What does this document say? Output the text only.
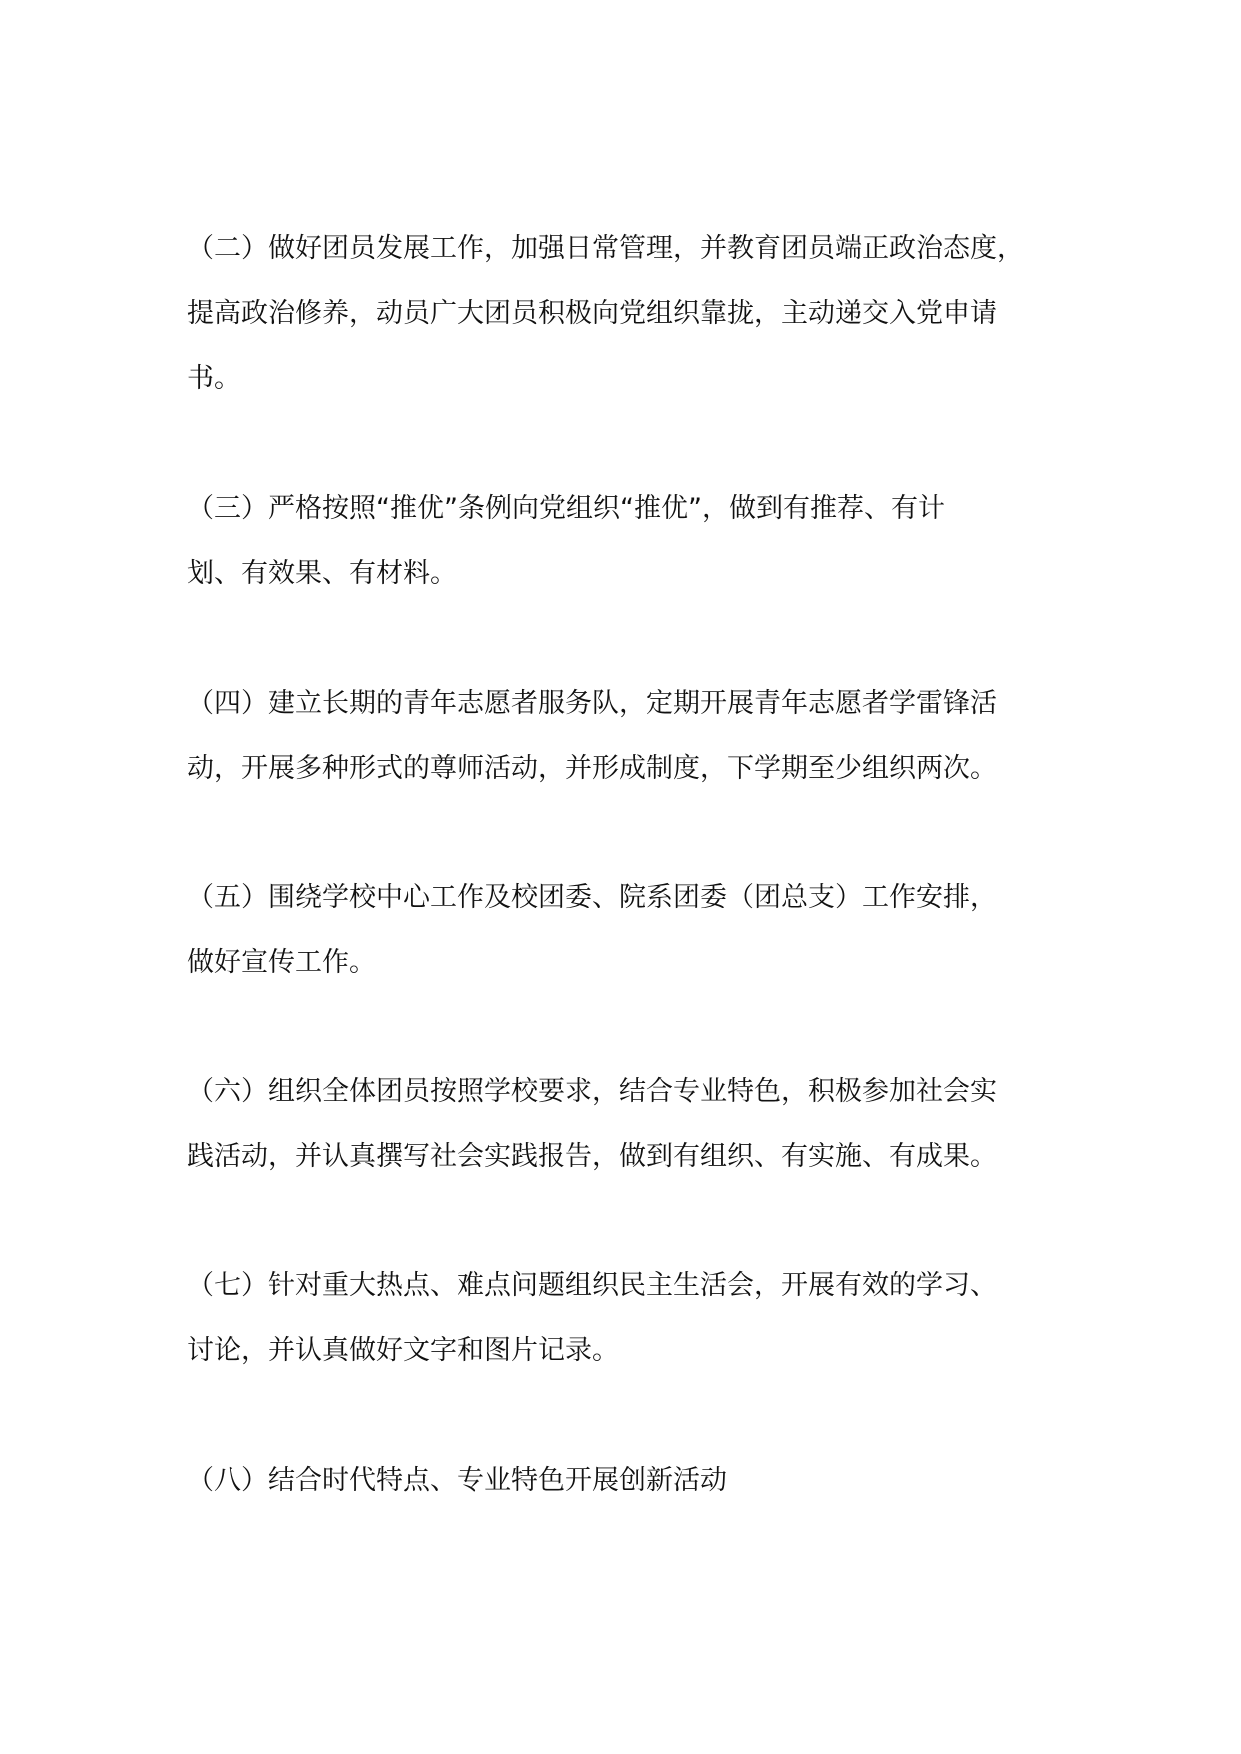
（二）做好团员发展工作，加强日常管理，并教育团员端正政治态度，
提高政治修养，动员广大团员积极向党组织靠拢，主动递交入党申请
书。
（三）严格按照“推优”条例向党组织“推优”，做到有推荐、有计
划、有效果、有材料。
（四）建立长期的青年志愿者服务队，定期开展青年志愿者学雷锋活
动，开展多种形式的尊师活动，并形成制度，下学期至少组织两次。
（五）围绕学校中心工作及校团委、院系团委（团总支）工作安排，
做好宣传工作。
（六）组织全体团员按照学校要求，结合专业特色，积极参加社会实
践活动，并认真撰写社会实践报告，做到有组织、有实施、有成果。
（七）针对重大热点、难点问题组织民主生活会，开展有效的学习、
讨论，并认真做好文字和图片记录。
（八）结合时代特点、专业特色开展创新活动
